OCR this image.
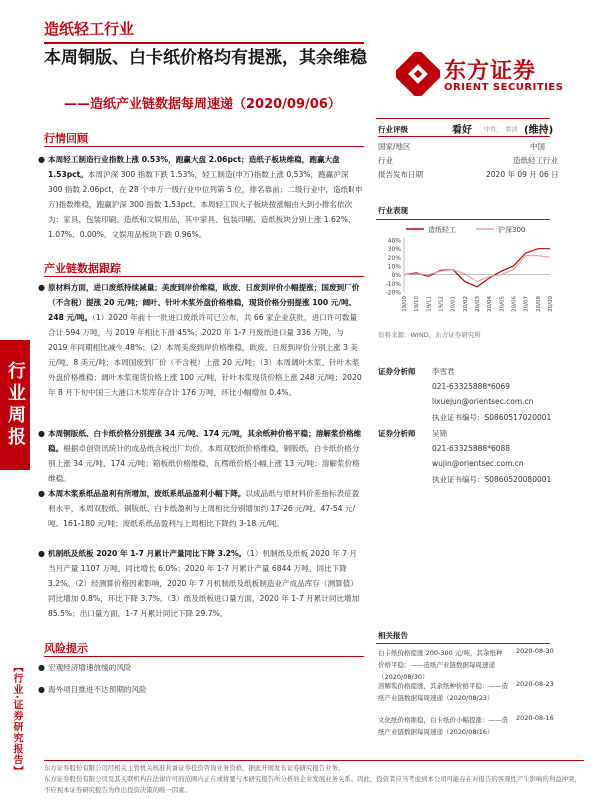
造纸轻工行业
本周铜版、白卡纸价格均有提涨，其余维稳
——造纸产业链数据每周速递（2020/09/06）
东方证券
ORIENT SECURITIES
行业周报
【行业·证券研究报告】
行情回顾
● 本周轻工制造行业指数上涨 0.53%，跑赢大盘 2.06pct；造纸子板块维稳，跑赢大盘 1.53pct。本周沪深 300 指数下跌 1.53%，轻工制造(申万)指数上涨 0.53%，跑赢沪深 300 指数 2.06pct，在 28 个申万一级行业中位列第 5 位，排名靠前；二级行业中，造纸Ⅱ(申万)指数维稳，跑赢沪深 300 指数 1.53pct。本周轻工四大子板块按涨幅由大到小排名依次为：家具、包装印刷、造纸和文娱用品，其中家具、包装印刷、造纸板块分别上涨 1.62%、1.07%、0.00%，文娱用品板块下跌 0.96%。
产业链数据跟踪
● 原材料方面，进口废纸持续减量；美废到岸价维稳，欧废、日废到岸价小幅提涨；国废到厂价（不含税）提涨 20 元/吨；阔叶、针叶木浆外盘价格维稳，现货价格分别提涨 100 元/吨、248 元/吨。（1）2020 年前十一批进口废纸许可已公布，共 66 家企业获批，进口许可数量合计 594 万吨，与 2019 年相比下滑 45%；2020 年 1-7 月废纸进口量 336 万吨，与 2019 年同期相比减少 48%；（2）本周美废到岸价格维稳，欧废、日废到岸价分别上涨 3 美元/吨、8 美元/吨；本周国废到厂价（不含税）上涨 20 元/吨；（3）本周阔叶木浆、针叶木浆外盘价格维稳；阔叶木浆现货价格上涨 100 元/吨，针叶木浆现货价格上涨 248 元/吨；2020 年 8 月下旬中国三大港口木浆库存合计 176 万吨，环比小幅增加 0.4%。
● 本周铜版纸、白卡纸价格分别提涨 34 元/吨、174 元/吨，其余纸种价格平稳；溶解浆价格维稳。根据卓创资讯统计的成品纸含税出厂均价，本周双胶纸价格维稳，铜版纸、白卡纸价格分别上涨 34 元/吨、174 元/吨；箱板纸价格维稳，瓦楞纸价格小幅上涨 13 元/吨；溶解浆价格维稳。
● 本周木浆系纸品盈利有所增加，废纸系纸品盈利小幅下降。以成品纸与原材料价差指标表征盈利水平，本周双胶纸、铜版纸、白卡纸盈利与上周相比分别增加约 17-26 元/吨、47-54 元/吨、161-180 元/吨；废纸系纸品盈利与上周相比下降约 3-18 元/吨。
● 机制纸及纸板 2020 年 1-7 月累计产量同比下降 3.2%。（1）机制纸及纸板 2020 年 7 月当月产量 1107 万吨，同比增长 6.0%；2020 年 1-7 月累计产量 6844 万吨，同比下降 3.2%。（2）经测算价格因素影响，2020 年 7 月机制纸及纸板制造业产成品库存（测算值）同比增加 0.8%，环比下降 3.7%。（3）纸及纸板进口量方面，2020 年 1-7 月累计同比增加 85.5%；出口量方面，1-7 月累计同比下降 29.7%。
风险提示
● 宏观经济增速放缓的风险
● 海外项目推进不达预期的风险
行业评级	看好 中性 看淡 (维持)
国家/地区	中国
行业	造纸轻工行业
报告发布日期	2020 年 09 月 06 日
行业表现
造纸轻工	沪深300
40%
30%
20%
10%
0%
-10%
-20%
19/09 19/10 19/11 19/12 20/01 20/02 20/03 20/04 20/05 20/06 20/07 20/08 20/09
资料来源：WIND，东方证券研究所
证券分析师 李雪君
021-63325888*6069
lixuejun@orientsec.com.cn
执业证书编号：S0860517020001
证券分析师 吴锦
021-63325888*6088
wujin@orientsec.com.cn
执业证书编号：S0860520080001
相关报告
白卡纸价格提涨 200-300 元/吨，其余纸种价格平稳：——造纸产业链数据每周速递（2020/08/30）
2020-08-30
溶解浆价格提涨，其余纸种价格平稳：——造纸产业链数据每周速递（2020/08/23）
2020-08-23
文化纸价格维稳，白卡纸价小幅提涨：——造纸产业链数据每周速递（2020/08/16）
2020-08-16
东方证券股份有限公司经相关主管机关核准具备证券投资咨询业务资格，据此开展发布证券研究报告业务。
东方证券股份有限公司及其关联机构在法律许可的范围内正在或将要与本研究报告所分析的企业发展业务关系。因此，投资者应当考虑到本公司可能存在对报告的客观性产生影响的利益冲突，不应视本证券研究报告为作出投资决策的唯一因素。
